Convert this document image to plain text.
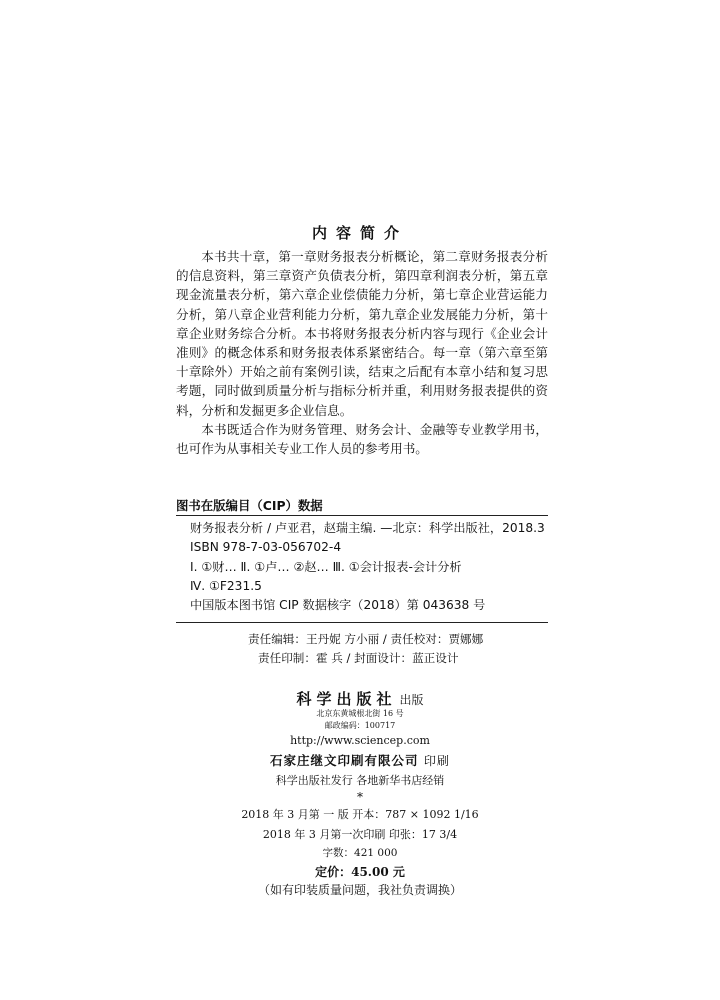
内容简介

本书共十章，第一章财务报表分析概论，第二章财务报表分析的信息资料，第三章资产负债表分析，第四章利润表分析，第五章现金流量表分析，第六章企业偿债能力分析，第七章企业营运能力分析，第八章企业营利能力分析，第九章企业发展能力分析，第十章企业财务综合分析。本书将财务报表分析内容与现行《企业会计准则》的概念体系和财务报表体系紧密结合。每一章（第六章至第十章除外）开始之前有案例引读，结束之后配有本章小结和复习思考题，同时做到质量分析与指标分析并重，利用财务报表提供的资料，分析和发掘更多企业信息。

本书既适合作为财务管理、财务会计、金融等专业教学用书，也可作为从事相关专业工作人员的参考用书。

图书在版编目（CIP）数据
财务报表分析 / 卢亚君，赵瑞主编. —北京：科学出版社，2018.3
ISBN 978-7-03-056702-4
Ⅰ. ①财… Ⅱ. ①卢… ②赵… Ⅲ. ①会计报表-会计分析
Ⅳ. ①F231.5
中国版本图书馆 CIP 数据核字（2018）第 043638 号
责任编辑：王丹妮 方小丽 / 责任校对：贾娜娜
责任印制：霍 兵 / 封面设计：蓝正设计
科学出版社 出版
北京东黄城根北街 16 号
邮政编码：100717
http://www.sciencep.com
石家庄继文印刷有限公司 印刷
科学出版社发行 各地新华书店经销
*
2018 年 3 月第 一 版 开本：787 × 1092 1/16
2018 年 3 月第一次印刷 印张：17 3/4
字数：421 000
定价：45.00 元
（如有印装质量问题，我社负责调换）
